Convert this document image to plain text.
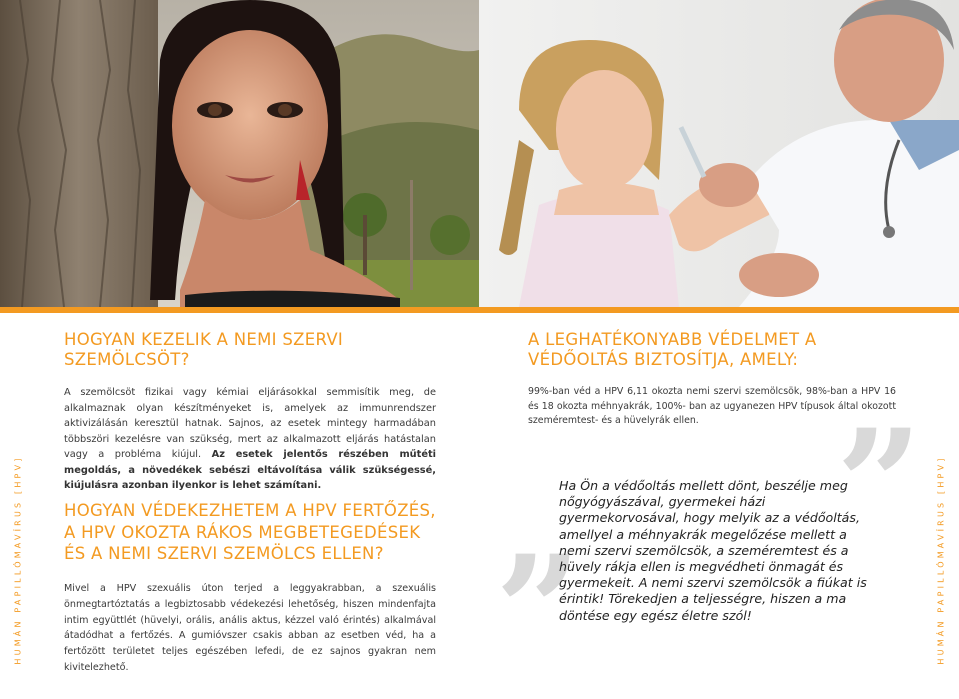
HUMÁN PAPILLÓMAVÍRUS [HPV]	HUMÁN PAPILLÓMAVÍRUS [HPV]
HOGYAN KEZELIK A NEMI SZERVI SZEMÖLCSÖT?

A szemölcsöt fizikai vagy kémiai eljárásokkal semmisítik meg, de alkalmaznak olyan készítményeket is, amelyek az immunrendszer aktivizálásán keresztül hatnak. Sajnos, az esetek mintegy harmadában többszöri kezelésre van szükség, mert az alkalmazott eljárás hatástalan vagy a probléma kiújul. Az esetek jelentős részében műtéti megoldás, a növedékek sebészi eltávolítása válik szükségessé, kiújulásra azonban ilyenkor is lehet számítani.

HOGYAN VÉDEKEZHETEM A HPV FERTŐZÉS, A HPV OKOZTA RÁKOS MEGBETEGEDÉSEK ÉS A NEMI SZERVI SZEMÖLCS ELLEN?

Mivel a HPV szexuális úton terjed a leggyakrabban, a szexuális önmegtartóztatás a legbiztosabb védekezési lehetőség, hiszen mindenfajta intim együttlét (hüvelyi, orális, anális aktus, kézzel való érintés) alkalmával átadódhat a fertőzés. A gumióvszer csakis abban az esetben véd, ha a fertőzött területet teljes egészében lefedi, de ez sajnos gyakran nem kivitelezhető.

A LEGHATÉKONYABB VÉDELMET A VÉDŐOLTÁS BIZTOSÍTJA, AMELY:

99%-ban véd a HPV 6,11 okozta nemi szervi szemölcsök, 98%-ban a HPV 16 és 18 okozta méhnyakrák, 100%- ban az ugyanezen HPV típusok által okozott szeméremtest- és a hüvelyrák ellen.

”
”

Ha Ön a védőoltás mellett dönt, beszélje meg nőgyógyászával, gyermekei házi gyermekorvosával, hogy melyik az a védőoltás, amellyel a méhnyakrák megelőzése mellett a nemi szervi szemölcsök, a szeméremtest és a hüvely rákja ellen is megvédheti önmagát és gyermekeit. A nemi szervi szemölcsök a fiúkat is érintik! Törekedjen a teljességre, hiszen a ma döntése egy egész életre szól!
